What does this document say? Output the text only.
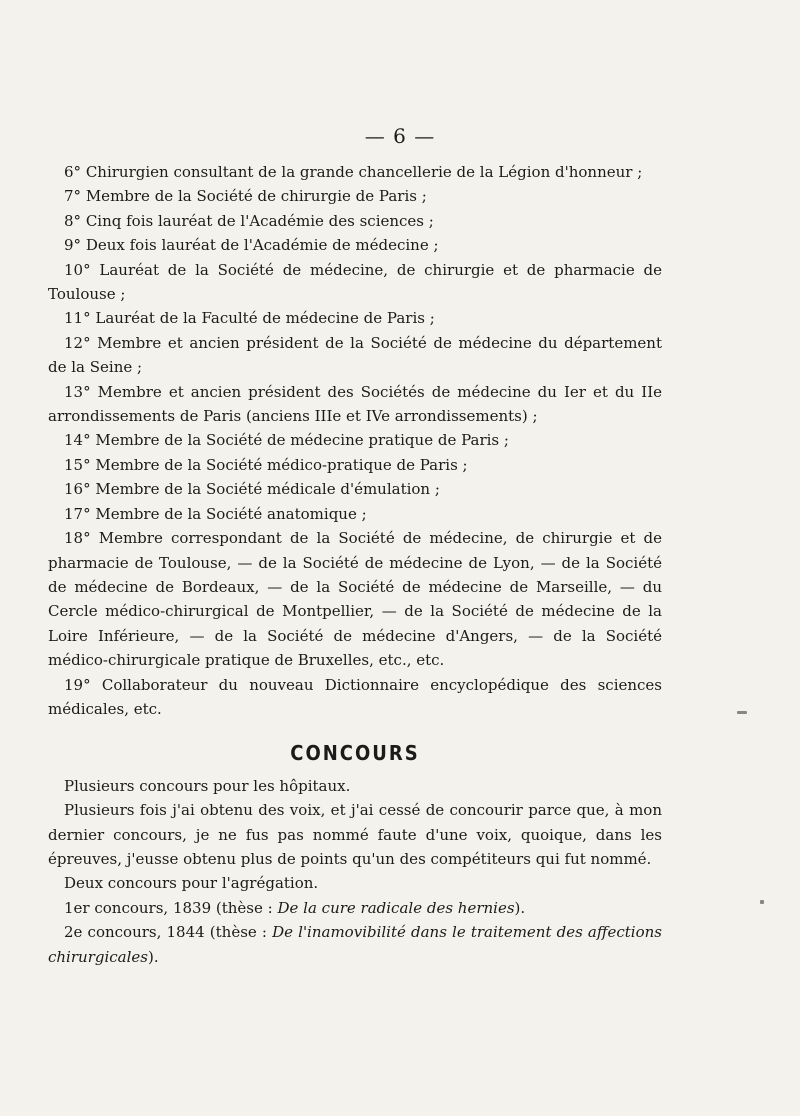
— 6 —

6° Chirurgien consultant de la grande chancellerie de la Légion d'honneur ;

7° Membre de la Société de chirurgie de Paris ;

8° Cinq fois lauréat de l'Académie des sciences ;

9° Deux fois lauréat de l'Académie de médecine ;

10° Lauréat de la Société de médecine, de chirurgie et de pharmacie de Toulouse ;

11° Lauréat de la Faculté de médecine de Paris ;

12° Membre et ancien président de la Société de médecine du département de la Seine ;

13° Membre et ancien président des Sociétés de médecine du Ier et du IIe arrondissements de Paris (anciens IIIe et IVe arrondissements) ;

14° Membre de la Société de médecine pratique de Paris ;

15° Membre de la Société médico-pratique de Paris ;

16° Membre de la Société médicale d'émulation ;

17° Membre de la Société anatomique ;

18° Membre correspondant de la Société de médecine, de chirurgie et de pharmacie de Toulouse, — de la Société de médecine de Lyon, — de la Société de médecine de Bordeaux, — de la Société de médecine de Marseille, — du Cercle médico-chirurgical de Montpellier, — de la Société de médecine de la Loire Inférieure, — de la Société de médecine d'Angers, — de la Société médico-chirurgicale pratique de Bruxelles, etc., etc.

19° Collaborateur du nouveau Dictionnaire encyclopédique des sciences médicales, etc.

CONCOURS

Plusieurs concours pour les hôpitaux.

Plusieurs fois j'ai obtenu des voix, et j'ai cessé de concourir parce que, à mon dernier concours, je ne fus pas nommé faute d'une voix, quoique, dans les épreuves, j'eusse obtenu plus de points qu'un des compétiteurs qui fut nommé.

Deux concours pour l'agrégation.

1er concours, 1839 (thèse : De la cure radicale des hernies).

2e concours, 1844 (thèse : De l'inamovibilité dans le traitement des affections chirurgicales).
